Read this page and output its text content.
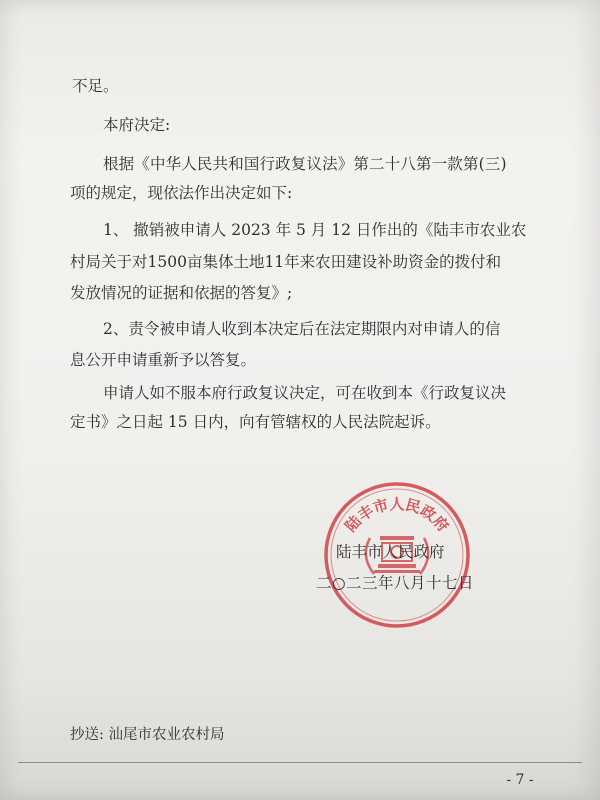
不足。
本府决定:
根据《中华人民共和国行政复议法》第二十八第一款第(三)
项的规定，现依法作出决定如下:
1、 撤销被申请人 2023 年 5 月 12 日作出的《陆丰市农业农
村局关于对1500亩集体土地11年来农田建设补助资金的拨付和
发放情况的证据和依据的答复》;
2、责令被申请人收到本决定后在法定期限内对申请人的信
息公开申请重新予以答复。
申请人如不服本府行政复议决定，可在收到本《行政复议决
定书》之日起 15 日内，向有管辖权的人民法院起诉。
陆丰市人民政府
陆丰市人民政府
二○二三年八月十七日
抄送: 汕尾市农业农村局
- 7 -
